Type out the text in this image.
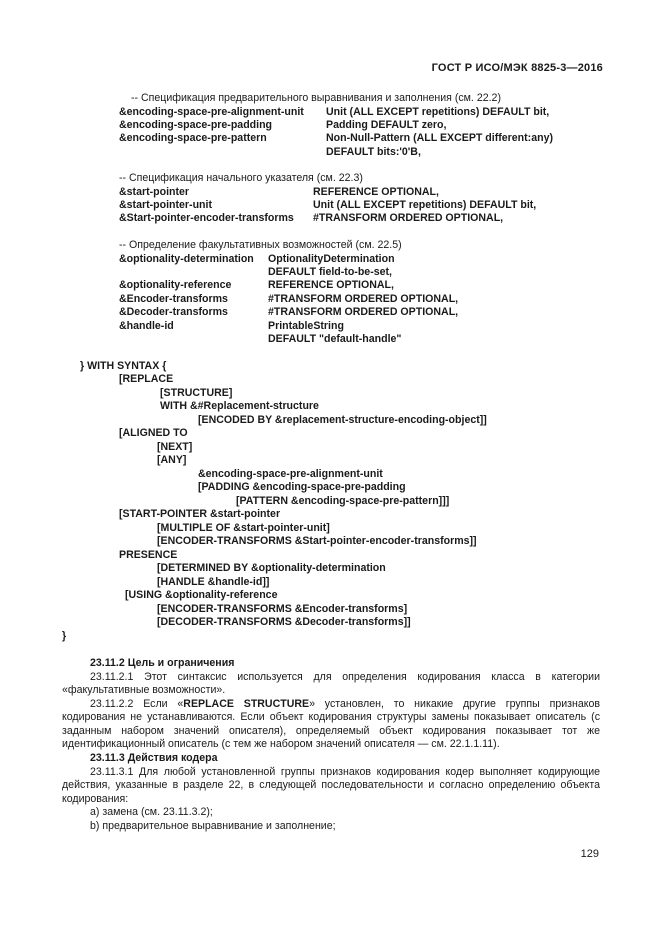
ГОСТ Р ИСО/МЭК 8825-3—2016
-- Спецификация предварительного выравнивания и заполнения (см. 22.2)
&encoding-space-pre-alignment-unit Unit (ALL EXCEPT repetitions) DEFAULT bit,
&encoding-space-pre-padding	Padding DEFAULT zero,
&encoding-space-pre-pattern	Non-Null-Pattern (ALL EXCEPT different:any)
DEFAULT bits:'0'B,
-- Спецификация начального указателя (см. 22.3)
&start-pointer	REFERENCE OPTIONAL,
&start-pointer-unit	Unit (ALL EXCEPT repetitions) DEFAULT bit,
&Start-pointer-encoder-transforms #TRANSFORM ORDERED OPTIONAL,
-- Определение факультативных возможностей (см. 22.5)
&optionality-determination OptionalityDetermination
DEFAULT field-to-be-set,
&optionality-reference	REFERENCE OPTIONAL,
&Encoder-transforms	#TRANSFORM ORDERED OPTIONAL,
&Decoder-transforms	#TRANSFORM ORDERED OPTIONAL,
&handle-id	PrintableString
DEFAULT "default-handle"
} WITH SYNTAX {
[REPLACE
[STRUCTURE]
WITH &#Replacement-structure
[ENCODED BY &replacement-structure-encoding-object]]
[ALIGNED TO
[NEXT]
[ANY]
&encoding-space-pre-alignment-unit
[PADDING &encoding-space-pre-padding
[PATTERN &encoding-space-pre-pattern]]]
[START-POINTER &start-pointer
[MULTIPLE OF &start-pointer-unit]
[ENCODER-TRANSFORMS &Start-pointer-encoder-transforms]]
PRESENCE
[DETERMINED BY &optionality-determination
[HANDLE &handle-id]]
[USING &optionality-reference
[ENCODER-TRANSFORMS &Encoder-transforms]
[DECODER-TRANSFORMS &Decoder-transforms]]
}
23.11.2 Цель и ограничения
23.11.2.1 Этот синтаксис используется для определения кодирования класса в категории «факультативные возможности».
23.11.2.2 Если «REPLACE STRUCTURE» установлен, то никакие другие группы признаков кодирования не устанавливаются. Если объект кодирования структуры замены показывает описатель (с заданным набором значений описателя), определяемый объект кодирования показывает тот же идентификационный описатель (с тем же набором значений описателя — см. 22.1.1.11).
23.11.3 Действия кодера
23.11.3.1 Для любой установленной группы признаков кодирования кодер выполняет кодирующие действия, указанные в разделе 22, в следующей последовательности и согласно определению объекта кодирования:
a) замена (см. 23.11.3.2);
b) предварительное выравнивание и заполнение;
129
